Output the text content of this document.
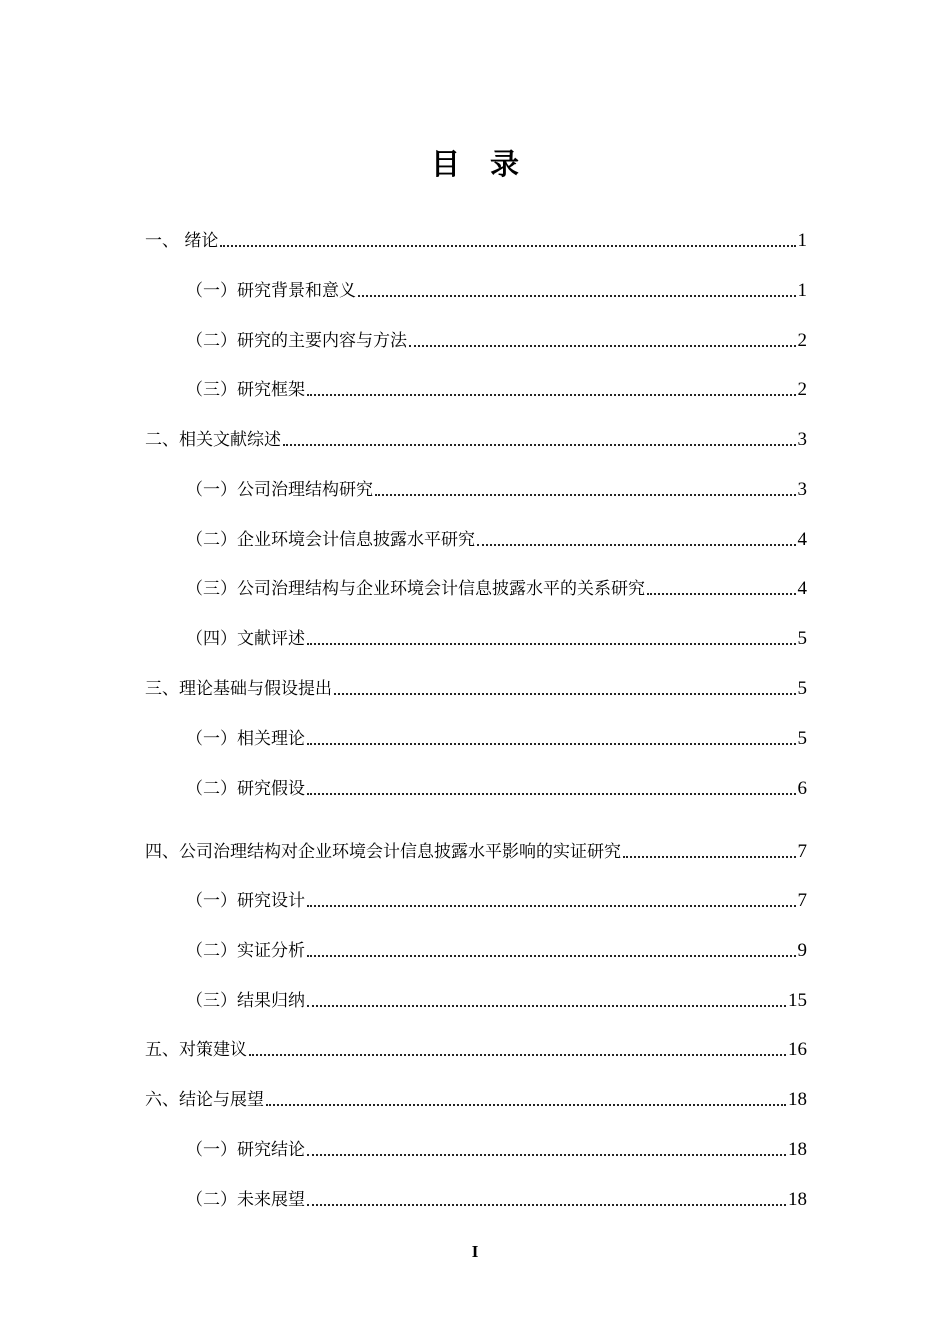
目 录
一、 绪论	1
（一）研究背景和意义	1
（二）研究的主要内容与方法	2
（三）研究框架	2
二、相关文献综述	3
（一）公司治理结构研究	3
（二）企业环境会计信息披露水平研究	4
（三）公司治理结构与企业环境会计信息披露水平的关系研究	4
（四）文献评述	5
三、理论基础与假设提出	5
（一）相关理论	5
（二）研究假设	6
四、公司治理结构对企业环境会计信息披露水平影响的实证研究	7
（一）研究设计	7
（二）实证分析	9
（三）结果归纳	15
五、对策建议	16
六、结论与展望	18
（一）研究结论	18
（二）未来展望	18
I
